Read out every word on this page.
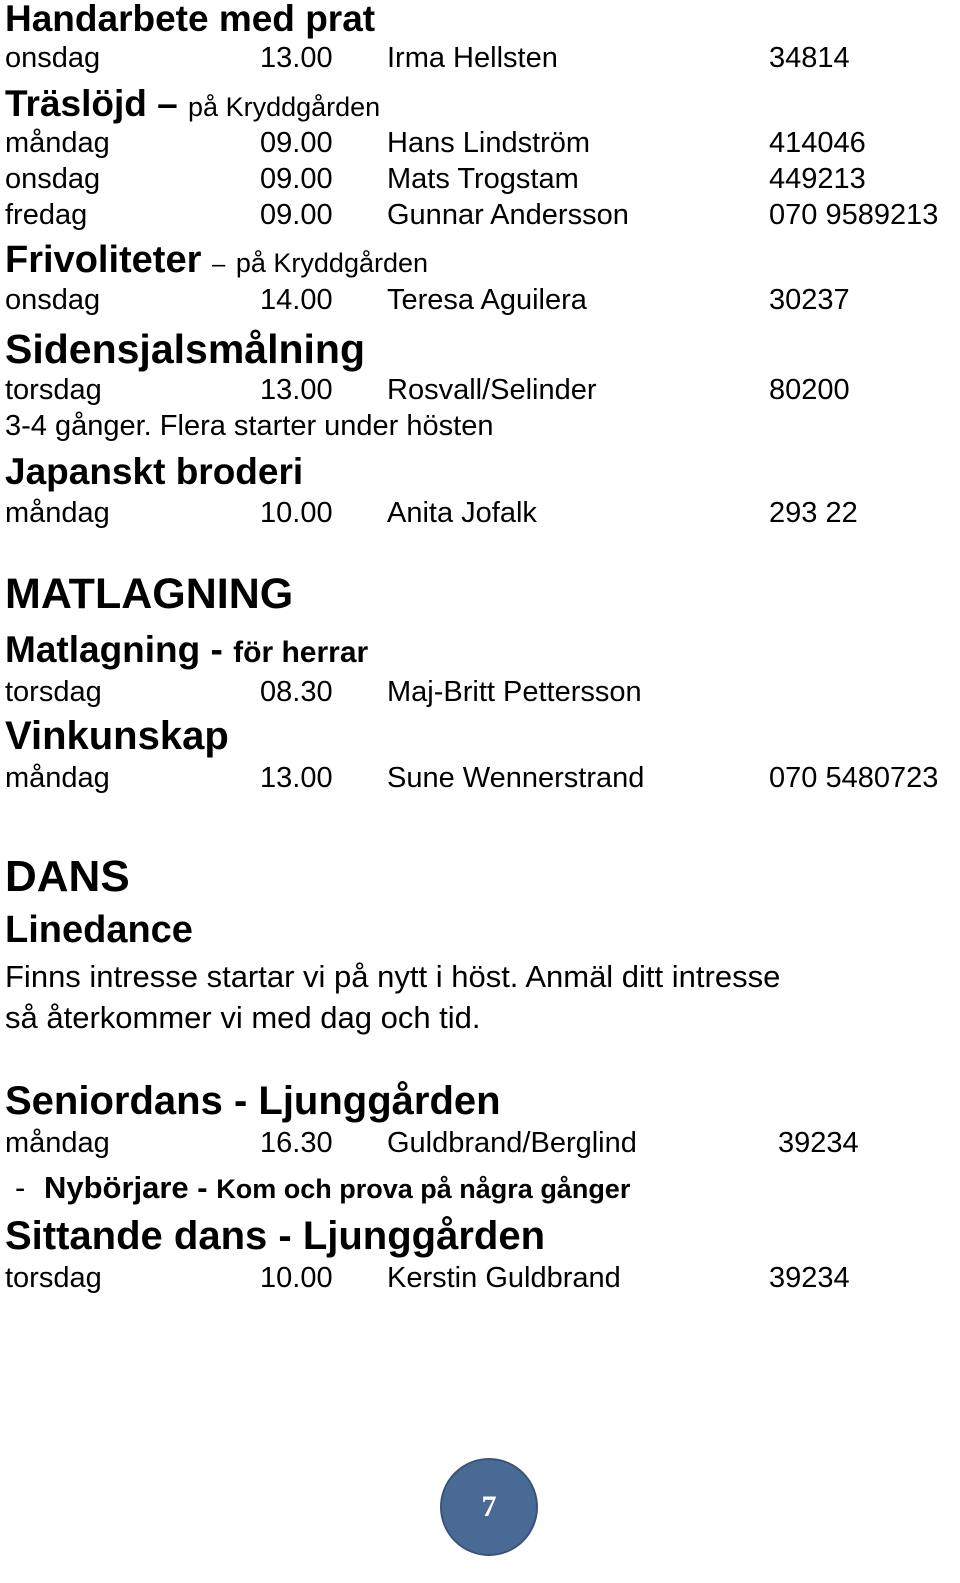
Handarbete med prat
onsdag	13.00 Irma Hellsten	34814
Träslöjd – på Kryddgården
måndag	09.00 Hans Lindström	414046
onsdag	09.00 Mats Trogstam	449213
fredag	09.00 Gunnar Andersson	070 9589213
Frivoliteter – på Kryddgården
onsdag	14.00 Teresa Aguilera	30237
Sidensjalsmålning
torsdag	13.00 Rosvall/Selinder	80200
3-4 gånger. Flera starter under hösten
Japanskt broderi
måndag	10.00 Anita Jofalk	293 22
MATLAGNING
Matlagning - för herrar
torsdag	08.30 Maj-Britt Pettersson
Vinkunskap
måndag	13.00 Sune Wennerstrand	070 5480723
DANS
Linedance
Finns intresse startar vi på nytt i höst. Anmäl ditt intresse
så återkommer vi med dag och tid.
Seniordans - Ljunggården
måndag	16.30 Guldbrand/Berglind	39234
- Nybörjare - Kom och prova på några gånger
Sittande dans - Ljunggården
torsdag	10.00 Kerstin Guldbrand	39234
7
